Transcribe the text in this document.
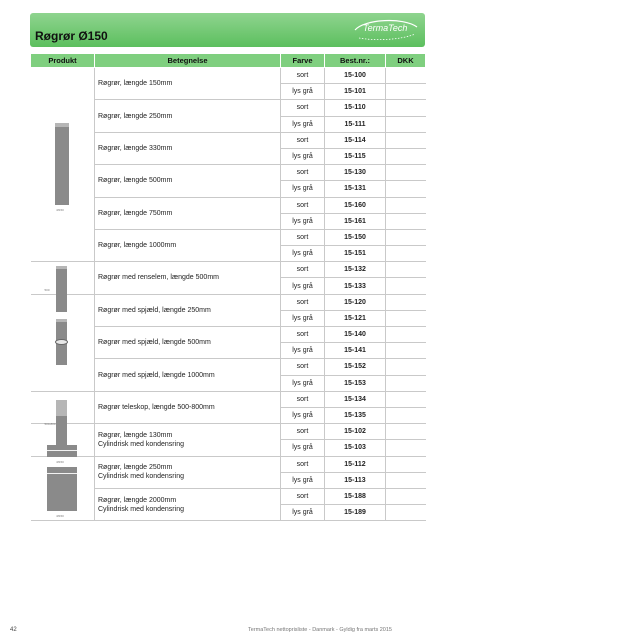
Røgrør Ø150
TermaTech
Produkt	Betegnelse	Farve	Best.nr.:	DKK

Ø150	Røgrør, længde 150mm	sort	15-100	
		lys grå	15-101	
	Røgrør, længde 250mm	sort	15-110	
		lys grå	15-111	
	Røgrør, længde 330mm	sort	15-114	
		lys grå	15-115	
	Røgrør, længde 500mm	sort	15-130	
		lys grå	15-131	
	Røgrør, længde 750mm	sort	15-160	
		lys grå	15-161	
	Røgrør, længde 1000mm	sort	15-150	
		lys grå	15-151	

500	Røgrør med renselem, længde 500mm	sort	15-132	
		lys grå	15-133	

	Røgrør med spjæld, længde 250mm	sort	15-120	
		lys grå	15-121	
	Røgrør med spjæld, længde 500mm	sort	15-140	
		lys grå	15-141	
	Røgrør med spjæld, længde 1000mm	sort	15-152	
		lys grå	15-153	

500-800	Røgrør teleskop, længde 500-800mm	sort	15-134	
		lys grå	15-135	

Ø150	Røgrør, længde 130mm
Cylindrisk med kondensring	sort	15-102	
		lys grå	15-103	

Ø150	Røgrør, længde 250mm
Cylindrisk med kondensring	sort	15-112	
		lys grå	15-113	
	Røgrør, længde 2000mm
Cylindrisk med kondensring	sort	15-188	
		lys grå	15-189	
42	TermaTech nettoprisliste - Danmark - Gyldig fra marts 2015
